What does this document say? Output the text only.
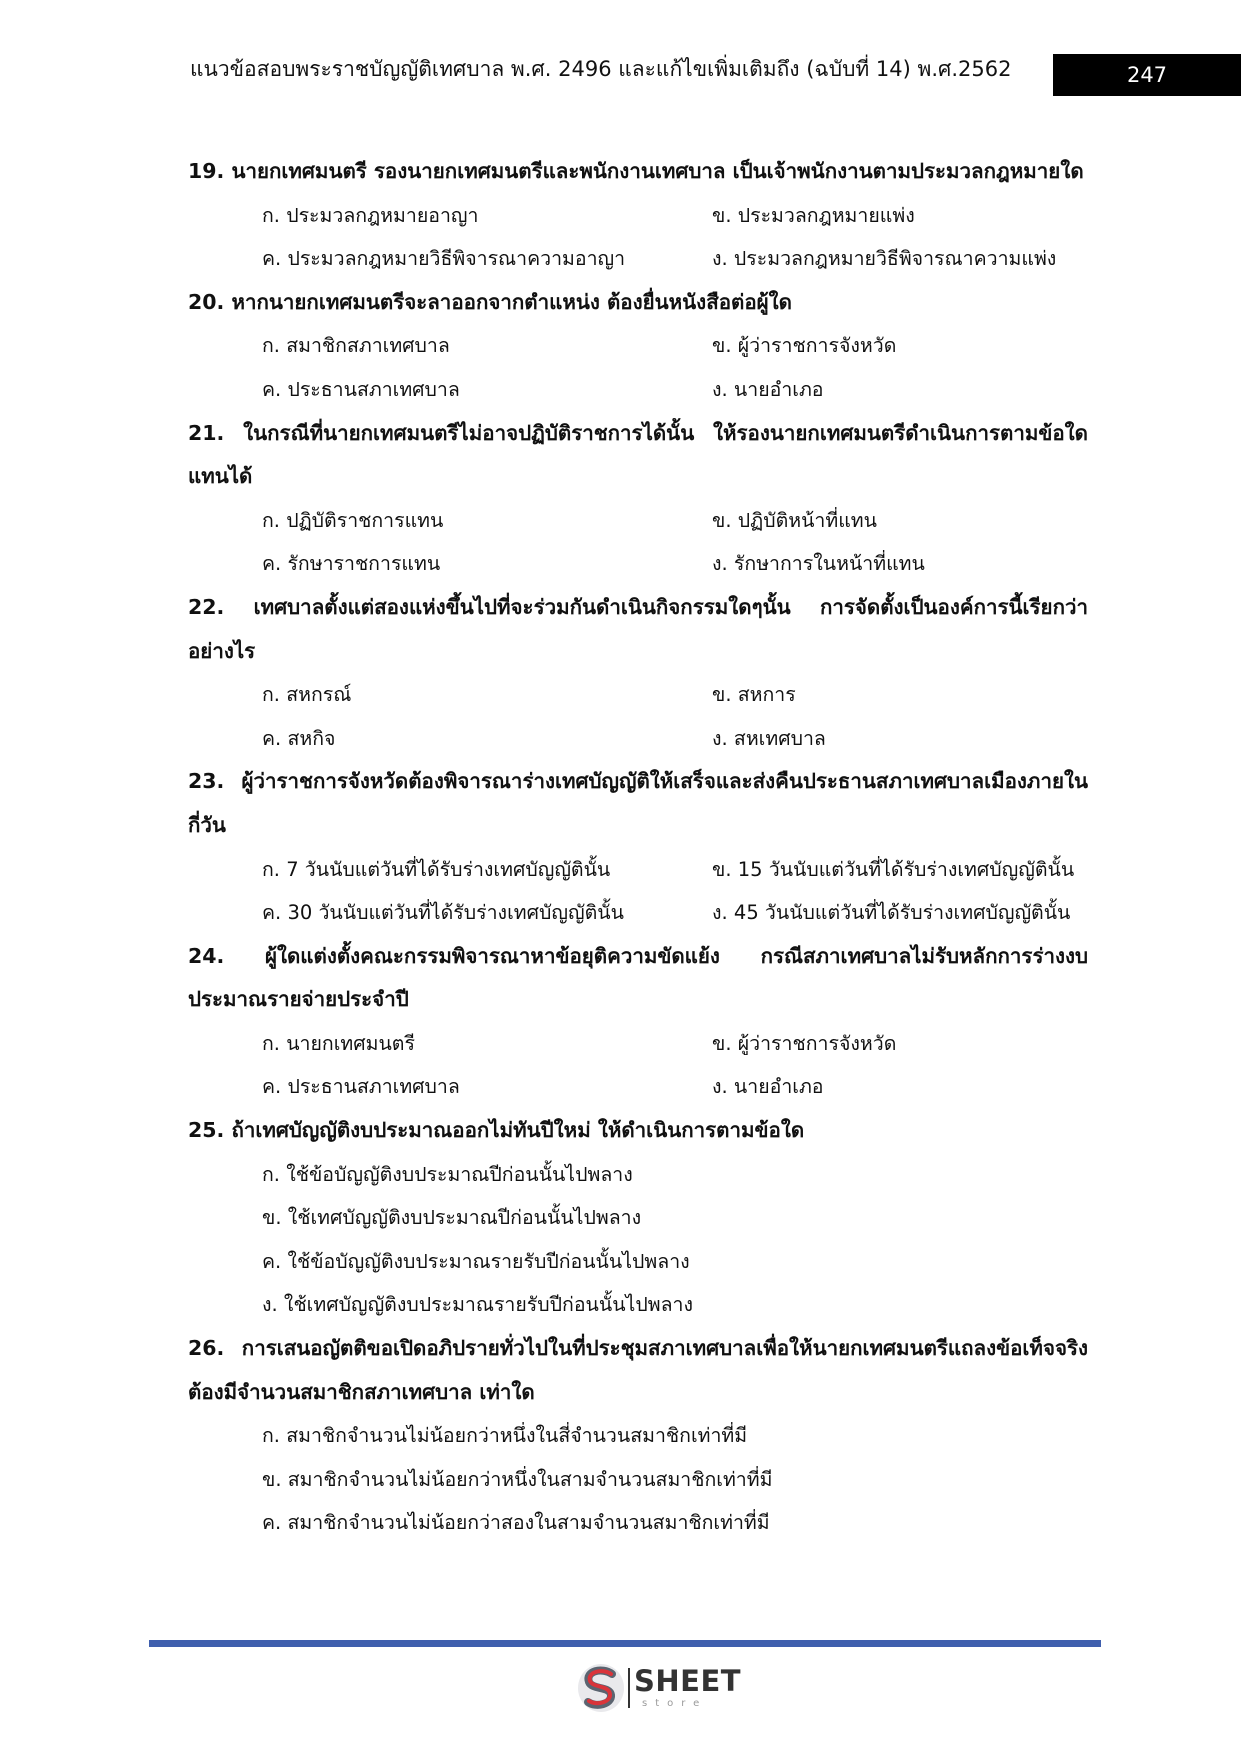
แนวข้อสอบพระราชบัญญัติเทศบาล พ.ศ. 2496 และแก้ไขเพิ่มเติมถึง (ฉบับที่ 14) พ.ศ.2562	247

19. นายกเทศมนตรี รองนายกเทศมนตรีและพนักงานเทศบาล เป็นเจ้าพนักงานตามประมวลกฎหมายใด

ก. ประมวลกฎหมายอาญา	ข. ประมวลกฎหมายแพ่ง
ค. ประมวลกฎหมายวิธีพิจารณาความอาญา	ง. ประมวลกฎหมายวิธีพิจารณาความแพ่ง

20. หากนายกเทศมนตรีจะลาออกจากตำแหน่ง ต้องยื่นหนังสือต่อผู้ใด

ก. สมาชิกสภาเทศบาล	ข. ผู้ว่าราชการจังหวัด
ค. ประธานสภาเทศบาล	ง. นายอำเภอ

21. ในกรณีที่นายกเทศมนตรีไม่อาจปฏิบัติราชการได้นั้น ให้รองนายกเทศมนตรีดำเนินการตามข้อใดแทนได้

ก. ปฏิบัติราชการแทน	ข. ปฏิบัติหน้าที่แทน
ค. รักษาราชการแทน	ง. รักษาการในหน้าที่แทน

22. เทศบาลตั้งแต่สองแห่งขึ้นไปที่จะร่วมกันดำเนินกิจกรรมใดๆนั้น การจัดตั้งเป็นองค์การนี้เรียกว่าอย่างไร

ก. สหกรณ์	ข. สหการ
ค. สหกิจ	ง. สหเทศบาล

23. ผู้ว่าราชการจังหวัดต้องพิจารณาร่างเทศบัญญัติให้เสร็จและส่งคืนประธานสภาเทศบาลเมืองภายในกี่วัน

ก. 7 วันนับแต่วันที่ได้รับร่างเทศบัญญัตินั้น	ข. 15 วันนับแต่วันที่ได้รับร่างเทศบัญญัตินั้น
ค. 30 วันนับแต่วันที่ได้รับร่างเทศบัญญัตินั้น	ง. 45 วันนับแต่วันที่ได้รับร่างเทศบัญญัตินั้น

24. ผู้ใดแต่งตั้งคณะกรรมพิจารณาหาข้อยุติความขัดแย้ง กรณีสภาเทศบาลไม่รับหลักการร่างงบประมาณรายจ่ายประจำปี

ก. นายกเทศมนตรี	ข. ผู้ว่าราชการจังหวัด
ค. ประธานสภาเทศบาล	ง. นายอำเภอ

25. ถ้าเทศบัญญัติงบประมาณออกไม่ทันปีใหม่ ให้ดำเนินการตามข้อใด

ก. ใช้ข้อบัญญัติงบประมาณปีก่อนนั้นไปพลาง
ข. ใช้เทศบัญญัติงบประมาณปีก่อนนั้นไปพลาง
ค. ใช้ข้อบัญญัติงบประมาณรายรับปีก่อนนั้นไปพลาง
ง. ใช้เทศบัญญัติงบประมาณรายรับปีก่อนนั้นไปพลาง

26. การเสนอญัตติขอเปิดอภิปรายทั่วไปในที่ประชุมสภาเทศบาลเพื่อให้นายกเทศมนตรีแถลงข้อเท็จจริงต้องมีจำนวนสมาชิกสภาเทศบาล เท่าใด

ก. สมาชิกจำนวนไม่น้อยกว่าหนึ่งในสี่จำนวนสมาชิกเท่าที่มี
ข. สมาชิกจำนวนไม่น้อยกว่าหนึ่งในสามจำนวนสมาชิกเท่าที่มี
ค. สมาชิกจำนวนไม่น้อยกว่าสองในสามจำนวนสมาชิกเท่าที่มี
SHEET
store
